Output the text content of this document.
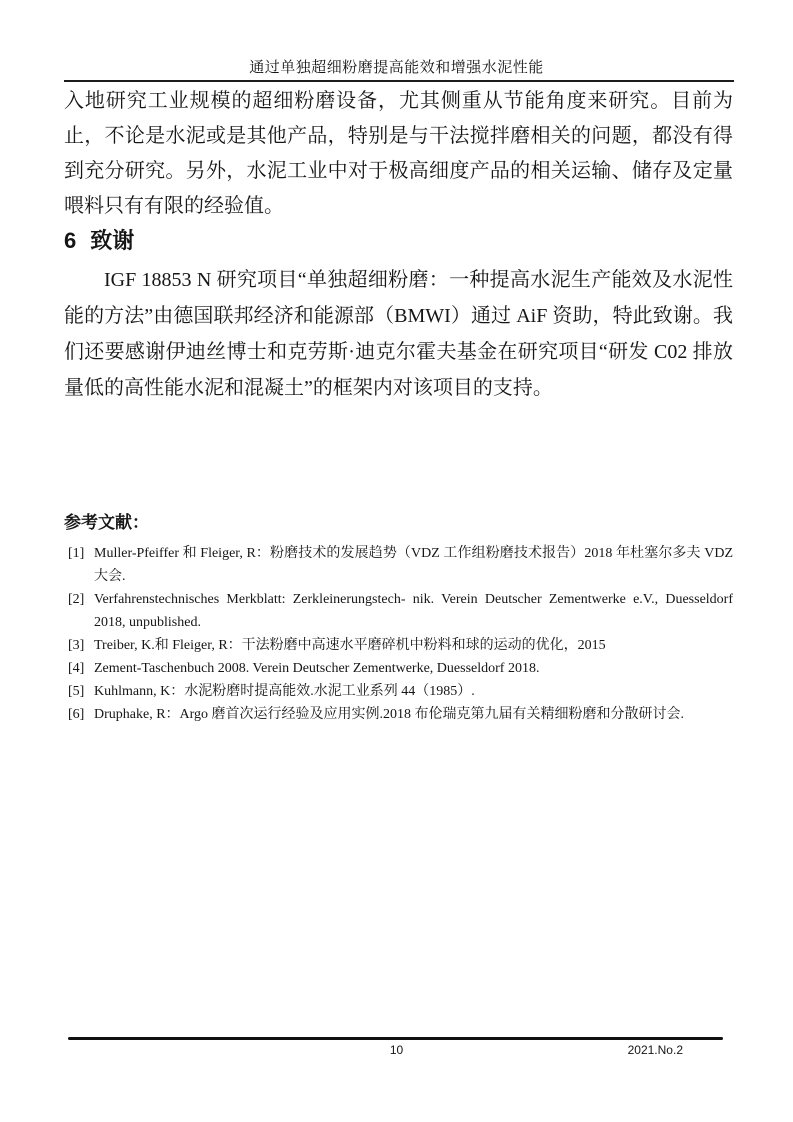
通过单独超细粉磨提高能效和增强水泥性能

入地研究工业规模的超细粉磨设备，尤其侧重从节能角度来研究。目前为止，不论是水泥或是其他产品，特别是与干法搅拌磨相关的问题，都没有得到充分研究。另外，水泥工业中对于极高细度产品的相关运输、储存及定量喂料只有有限的经验值。

6 致谢

IGF 18853 N 研究项目“单独超细粉磨：一种提高水泥生产能效及水泥性能的方法”由德国联邦经济和能源部（BMWI）通过 AiF 资助，特此致谢。我们还要感谢伊迪丝博士和克劳斯·迪克尔霍夫基金在研究项目“研发 C02 排放量低的高性能水泥和混凝土”的框架内对该项目的支持。

参考文献：
[1] Muller-Pfeiffer 和 Fleiger, R：粉磨技术的发展趋势（VDZ 工作组粉磨技术报告）2018 年杜塞尔多夫 VDZ 大会.
[2] Verfahrenstechnisches Merkblatt: Zerkleinerungstech- nik. Verein Deutscher Zementwerke e.V., Duesseldorf 2018, unpublished.
[3] Treiber, K.和 Fleiger, R：干法粉磨中高速水平磨碎机中粉料和球的运动的优化，2015
[4] Zement-Taschenbuch 2008. Verein Deutscher Zementwerke, Duesseldorf 2018.
[5] Kuhlmann, K：水泥粉磨时提高能效.水泥工业系列 44（1985）.
[6] Druphake, R：Argo 磨首次运行经验及应用实例.2018 布伦瑞克第九届有关精细粉磨和分散研讨会.
10	2021.No.2
